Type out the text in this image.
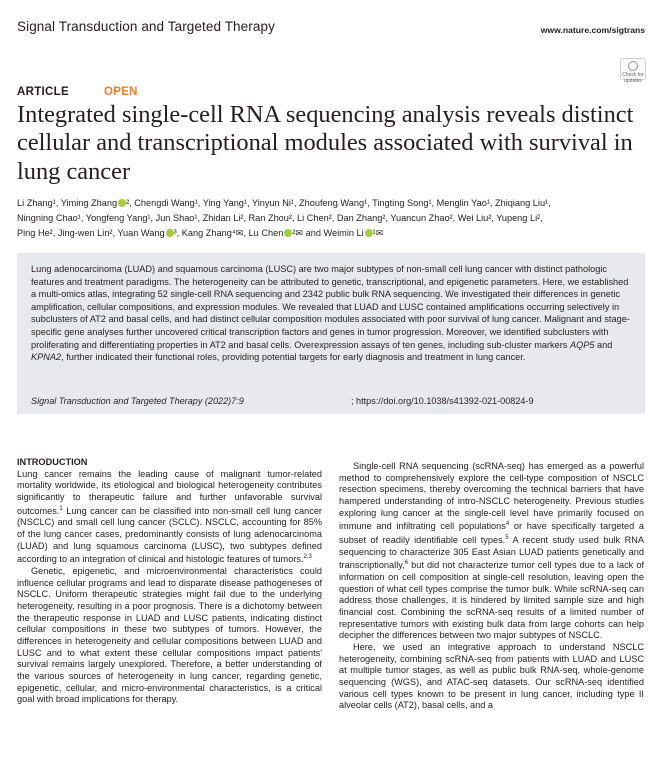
Signal Transduction and Targeted Therapy	www.nature.com/sigtrans
Check for updates
ARTICLE	OPEN
Integrated single-cell RNA sequencing analysis reveals distinct cellular and transcriptional modules associated with survival in lung cancer
Li Zhang¹, Yiming Zhang ², Chengdi Wang¹, Ying Yang¹, Yinyun Ni¹, Zhoufeng Wang¹, Tingting Song¹, Menglin Yao¹, Zhiqiang Liu¹,
Ningning Chao¹, Yongfeng Yang¹, Jun Shao¹, Zhidan Li², Ran Zhou², Li Chen², Dan Zhang², Yuancun Zhao², Wei Liu², Yupeng Li²,
Ping He², Jing-wen Lin², Yuan Wang ³, Kang Zhang⁴✉, Lu Chen ²✉ and Weimin Li ¹✉
Lung adenocarcinoma (LUAD) and squamous carcinoma (LUSC) are two major subtypes of non-small cell lung cancer with distinct pathologic features and treatment paradigms. The heterogeneity can be attributed to genetic, transcriptional, and epigenetic parameters. Here, we established a multi-omics atlas, integrating 52 single-cell RNA sequencing and 2342 public bulk RNA sequencing. We investigated their differences in genetic amplification, cellular compositions, and expression modules. We revealed that LUAD and LUSC contained amplifications occurring selectively in subclusters of AT2 and basal cells, and had distinct cellular composition modules associated with poor survival of lung cancer. Malignant and stage-specific gene analyses further uncovered critical transcription factors and genes in tumor progression. Moreover, we identified subclusters with proliferating and differentiating properties in AT2 and basal cells. Overexpression assays of ten genes, including sub-cluster markers AQP5 and KPNA2, further indicated their functional roles, providing potential targets for early diagnosis and treatment in lung cancer.
Signal Transduction and Targeted Therapy (2022)7:9	; https://doi.org/10.1038/s41392-021-00824-9
INTRODUCTION

Lung cancer remains the leading cause of malignant tumor-related mortality worldwide, its etiological and biological heterogeneity contributes significantly to therapeutic failure and further unfavorable survival outcomes.$^1$ Lung cancer can be classified into non-small cell lung cancer (NSCLC) and small cell lung cancer (SCLC). NSCLC, accounting for 85% of the lung cancer cases, predominantly consists of lung adenocarcinoma (LUAD) and lung squamous carcinoma (LUSC), two subtypes defined according to an integration of clinical and histologic features of tumors.$^{2,3}$

Genetic, epigenetic, and microenvironmental characteristics could influence cellular programs and lead to disparate disease pathogeneses of NSCLC. Uniform therapeutic strategies might fail due to the underlying heterogeneity, resulting in a poor prognosis. There is a dichotomy between the therapeutic response in LUAD and LUSC patients, indicating distinct cellular compositions in these two subtypes of tumors. However, the differences in heterogeneity and cellular compositions between LUAD and LUSC and to what extent these cellular compositions impact patients' survival remains largely unexplored. Therefore, a better understanding of the various sources of heterogeneity in lung cancer, regarding genetic, epigenetic, cellular, and micro-environmental characteristics, is a critical goal with broad implications for therapy.

Single-cell RNA sequencing (scRNA-seq) has emerged as a powerful method to comprehensively explore the cell-type composition of NSCLC resection specimens, thereby overcoming the technical barriers that have hampered understanding of intro-NSCLC heterogeneity. Previous studies exploring lung cancer at the single-cell level have primarily focused on immune and infiltrating cell populations$^4$ or have specifically targeted a subset of readily identifiable cell types.$^5$ A recent study used bulk RNA sequencing to characterize 305 East Asian LUAD patients genetically and transcriptionally,$^6$ but did not characterize tumor cell types due to a lack of information on cell composition at single-cell resolution, leaving open the question of what cell types comprise the tumor bulk. While scRNA-seq can address those challenges, it is hindered by limited sample size and high financial cost. Combining the scRNA-seq results of a limited number of representative tumors with existing bulk data from large cohorts can help decipher the differences between two major subtypes of NSCLC.

Here, we used an integrative approach to understand NSCLC heterogeneity, combining scRNA-seq from patients with LUAD and LUSC at multiple tumor stages, as well as public bulk RNA-seq, whole-genome sequencing (WGS), and ATAC-seq datasets. Our scRNA-seq identified various cell types known to be present in lung cancer, including type II alveolar cells (AT2), basal cells, and a
